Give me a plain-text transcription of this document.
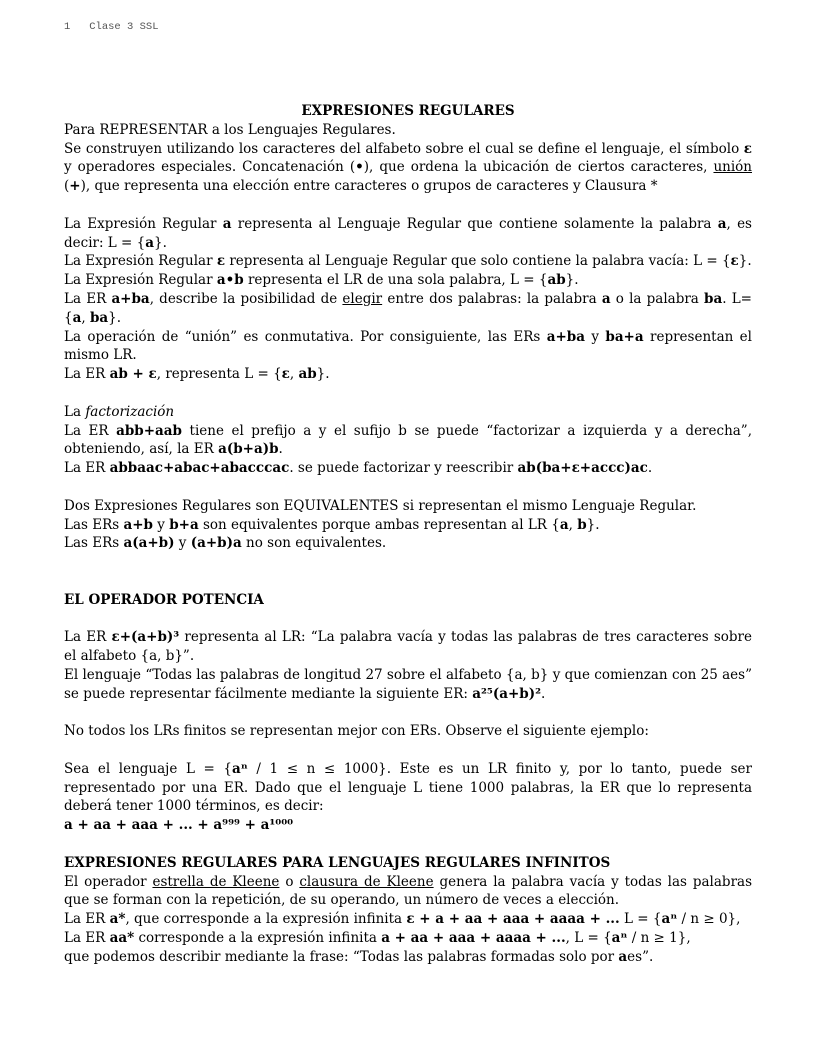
1 Clase 3 SSL

EXPRESIONES REGULARES

Para REPRESENTAR a los Lenguajes Regulares.

Se construyen utilizando los caracteres del alfabeto sobre el cual se define el lenguaje, el símbolo ε y operadores especiales. Concatenación (•), que ordena la ubicación de ciertos caracteres, unión (+), que representa una elección entre caracteres o grupos de caracteres y Clausura *

La Expresión Regular a representa al Lenguaje Regular que contiene solamente la palabra a, es decir: L = {a}.

La Expresión Regular ε representa al Lenguaje Regular que solo contiene la palabra vacía: L = {ε}.

La Expresión Regular a•b representa el LR de una sola palabra, L = {ab}.

La ER a+ba, describe la posibilidad de elegir entre dos palabras: la palabra a o la palabra ba. L= {a, ba}.

La operación de “unión” es conmutativa. Por consiguiente, las ERs a+ba y ba+a representan el mismo LR.

La ER ab + ε, representa L = {ε, ab}.

La factorización

La ER abb+aab tiene el prefijo a y el sufijo b se puede “factorizar a izquierda y a derecha”, obteniendo, así, la ER a(b+a)b.

La ER abbaac+abac+abacccac. se puede factorizar y reescribir ab(ba+ε+accc)ac.

Dos Expresiones Regulares son EQUIVALENTES si representan el mismo Lenguaje Regular.

Las ERs a+b y b+a son equivalentes porque ambas representan al LR {a, b}.

Las ERs a(a+b) y (a+b)a no son equivalentes.

EL OPERADOR POTENCIA

La ER ε+(a+b)³ representa al LR: “La palabra vacía y todas las palabras de tres caracteres sobre el alfabeto {a, b}”.

El lenguaje “Todas las palabras de longitud 27 sobre el alfabeto {a, b} y que comienzan con 25 aes” se puede representar fácilmente mediante la siguiente ER: a²⁵(a+b)².

No todos los LRs finitos se representan mejor con ERs. Observe el siguiente ejemplo:

Sea el lenguaje L = {aⁿ / 1 ≤ n ≤ 1000}. Este es un LR finito y, por lo tanto, puede ser representado por una ER. Dado que el lenguaje L tiene 1000 palabras, la ER que lo representa deberá tener 1000 términos, es decir:

a + aa + aaa + ... + a⁹⁹⁹ + a¹⁰⁰⁰

EXPRESIONES REGULARES PARA LENGUAJES REGULARES INFINITOS

El operador estrella de Kleene o clausura de Kleene genera la palabra vacía y todas las palabras que se forman con la repetición, de su operando, un número de veces a elección.

La ER a*, que corresponde a la expresión infinita ε + a + aa + aaa + aaaa + ... L = {aⁿ / n ≥ 0},

La ER aa* corresponde a la expresión infinita a + aa + aaa + aaaa + ..., L = {aⁿ / n ≥ 1},

que podemos describir mediante la frase: “Todas las palabras formadas solo por aes”.
